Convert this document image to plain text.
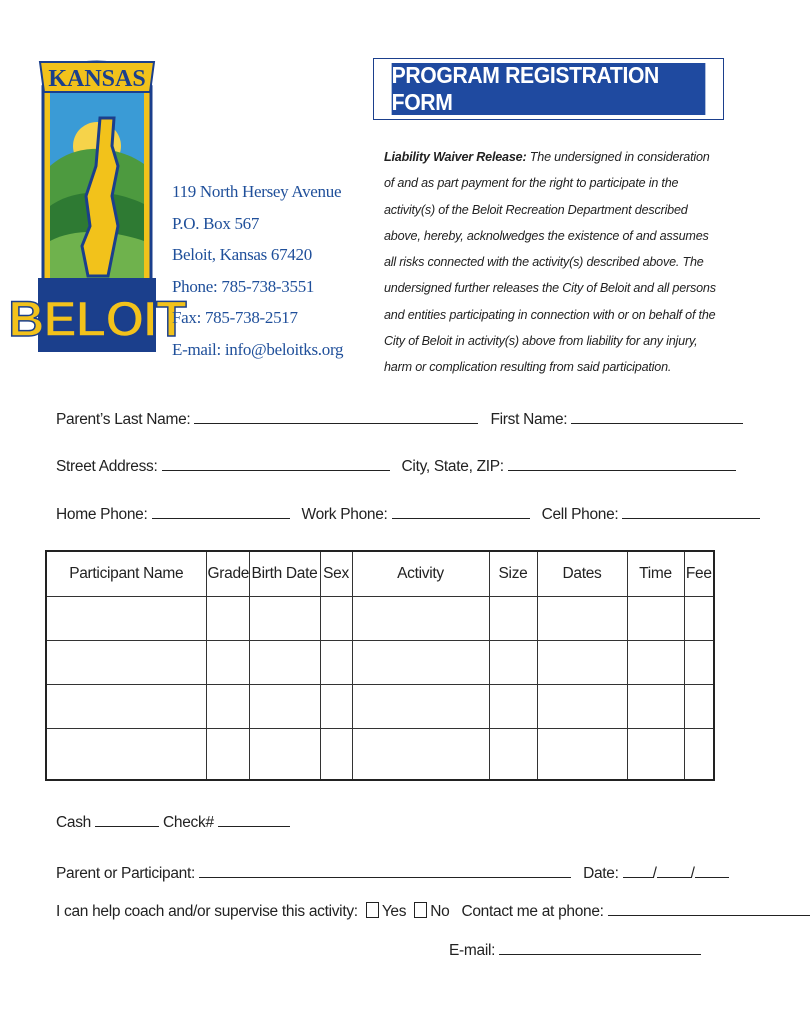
KANSAS
BELOIT
119 North Hersey Avenue
P.O. Box 567
Beloit, Kansas 67420
Phone: 785-738-3551
Fax: 785-738-2517
E-mail: info@beloitks.org
PROGRAM REGISTRATION FORM
Liability Waiver Release: The undersigned in consideration of and as part payment for the right to participate in the activity(s) of the Beloit Recreation Department described above, hereby, acknolwedges the existence of and assumes all risks connected with the activity(s) described above. The undersigned further releases the City of Beloit and all persons and entities participating in connection with or on behalf of the City of Beloit in activity(s) above from liability for any injury, harm or complication resulting from said participation.
Parent’s Last Name:	First Name:
Street Address:	City, State, ZIP:
Home Phone:	Work Phone:	Cell Phone:
Participant Name	Grade	Birth Date	Sex	Activity	Size	Dates	Time	Fee

Cash	Check#
Parent or Participant:	Date: / /
I can help coach and/or supervise this activity: Yes No Contact me at phone:
E-mail:
